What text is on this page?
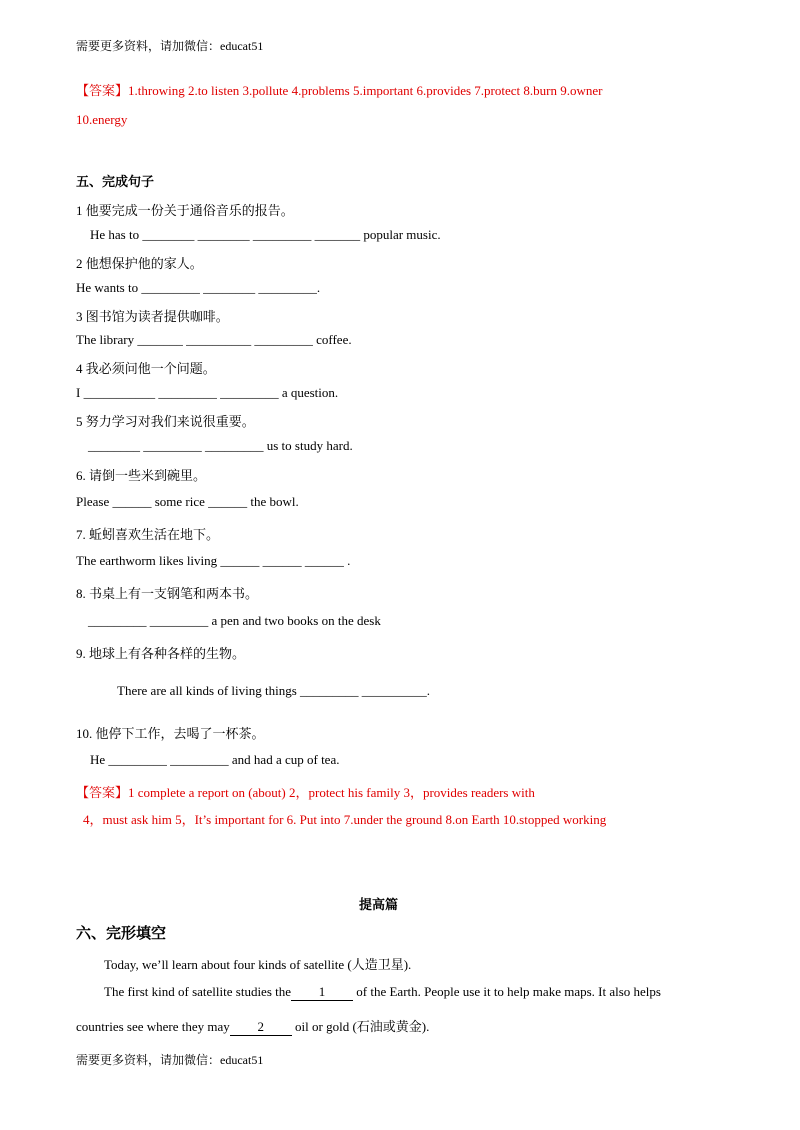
需要更多资料，请加微信：educat51
【答案】1.throwing 2.to listen 3.pollute 4.problems 5.important 6.provides 7.protect 8.burn 9.owner
10.energy
五、完成句子
1 他要完成一份关于通俗音乐的报告。
He has to ________ ________ _________ _______ popular music.
2 他想保护他的家人。
He wants to _________ ________ _________.
3 图书馆为读者提供咖啡。
The library _______ __________ _________ coffee.
4 我必须问他一个问题。
I ___________ _________ _________ a question.
5 努力学习对我们来说很重要。
________ _________ _________ us to study hard.
6. 请倒一些米到碗里。
Please ______ some rice ______ the bowl.
7. 蚯蚓喜欢生活在地下。
The earthworm likes living ______ ______ ______ .
8. 书桌上有一支钢笔和两本书。
_________ _________ a pen and two books on the desk
9. 地球上有各种各样的生物。
There are all kinds of living things _________ __________.
10. 他停下工作，去喝了一杯茶。
He _________ _________ and had a cup of tea.
【答案】1 complete a report on (about) 2，protect his family 3，provides readers with
4，must ask him 5，It’s important for 6. Put into 7.under the ground 8.on Earth 10.stopped working
提高篇
六、完形填空
Today, we’ll learn about four kinds of satellite (人造卫星).
The first kind of satellite studies the 1 of the Earth. People use it to help make maps. It also helps
countries see where they may 2 oil or gold (石油或黄金).
需要更多资料，请加微信：educat51
